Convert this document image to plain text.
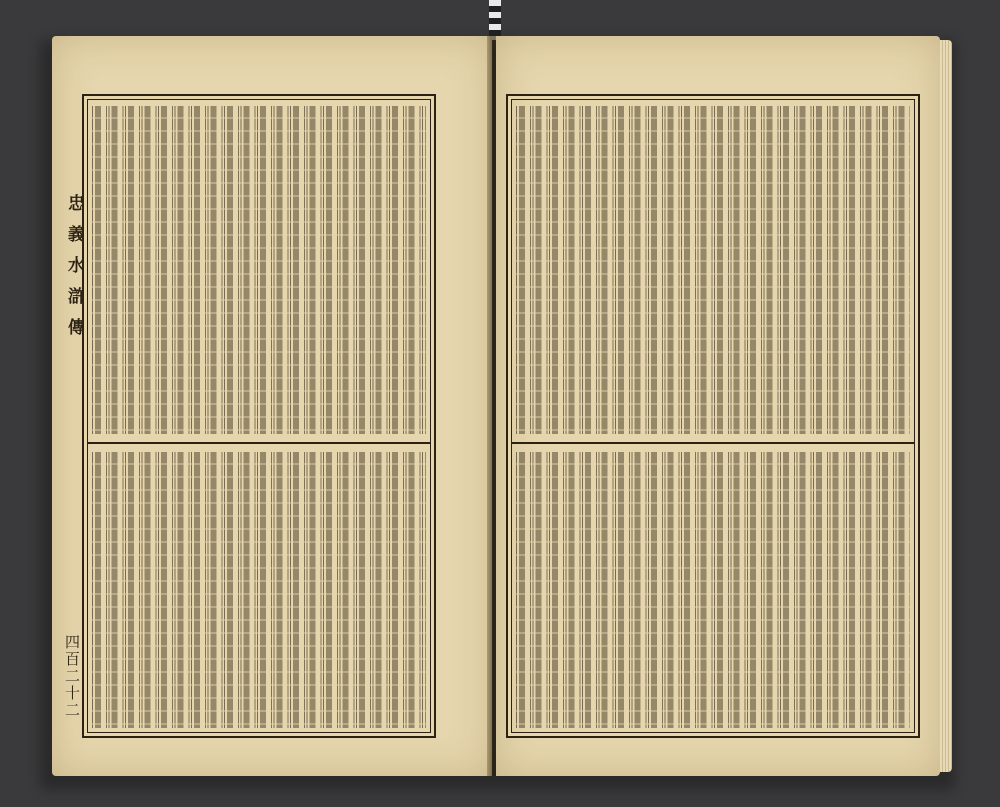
忠義水滸傳
四百二十二
